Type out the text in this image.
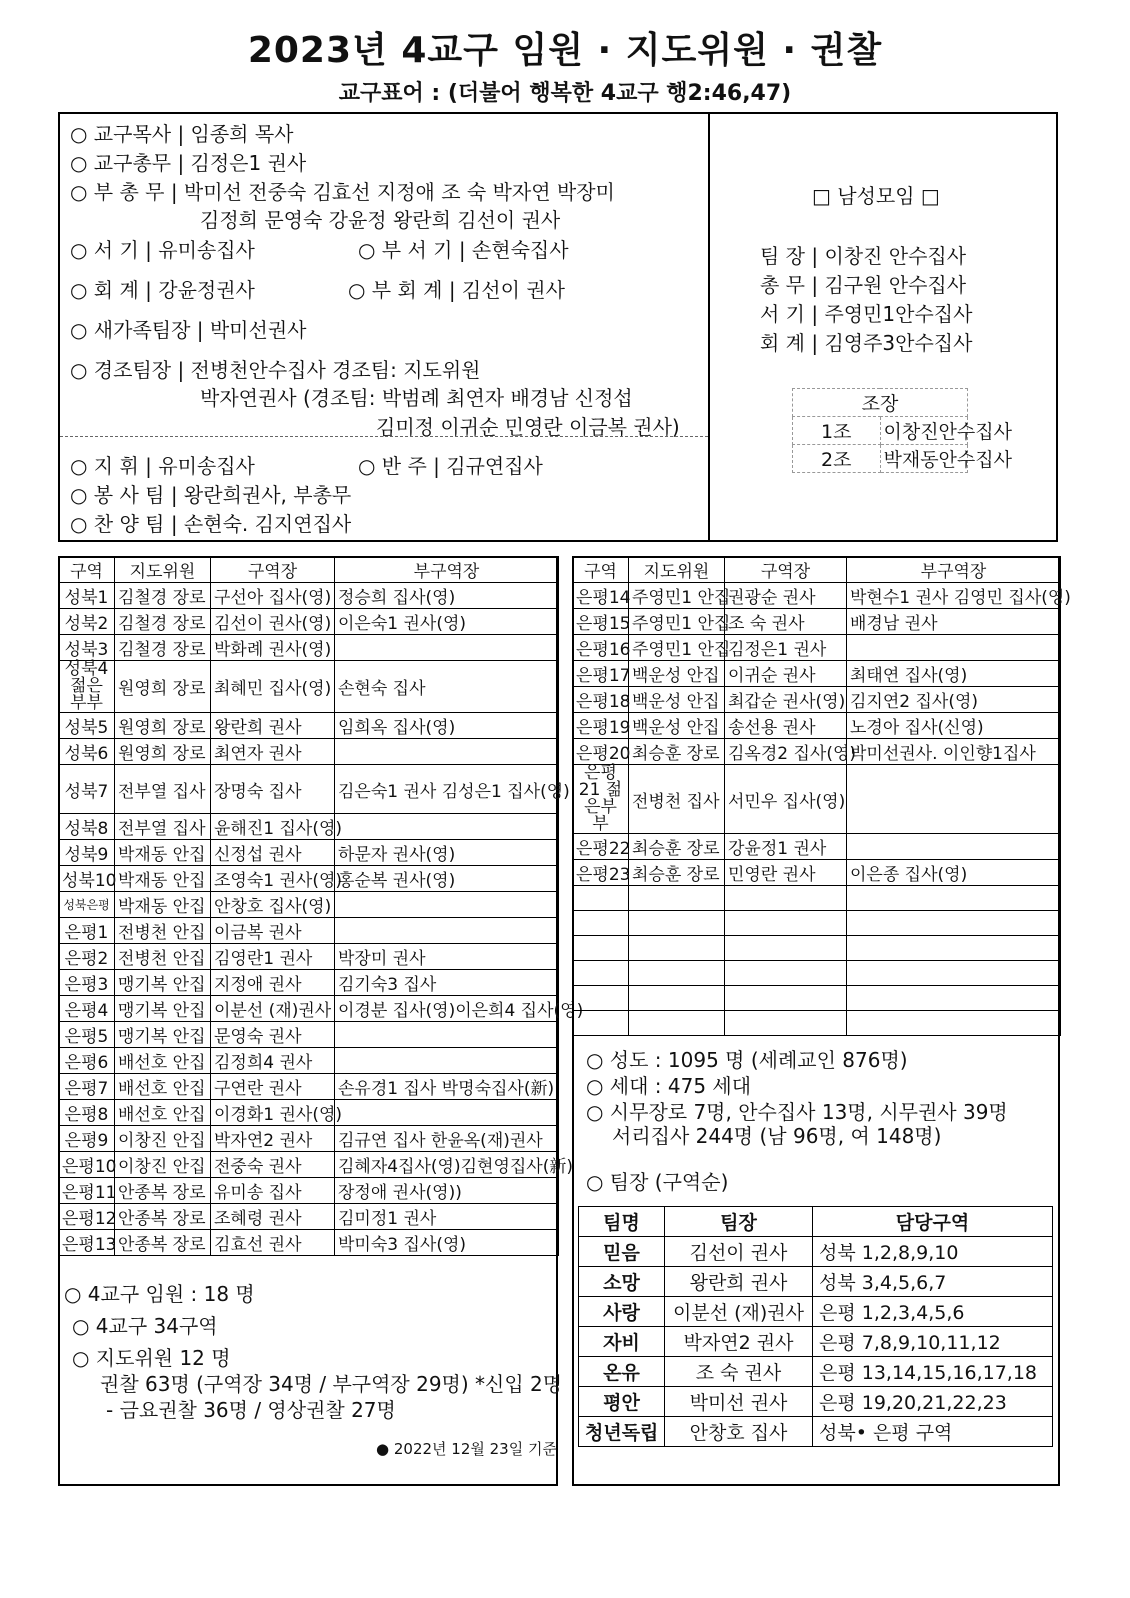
2023년 4교구 임원 · 지도위원 · 권찰
교구표어 : (더불어 행복한 4교구 행2:46,47)
○ 교구목사 | 임종희 목사
○ 교구총무 | 김정은1 권사
○ 부 총 무 | 박미선 전중숙 김효선 지정애 조 숙 박자연 박장미
김정희 문영숙 강윤정 왕란희 김선이 권사
○ 서 기 | 유미송집사	○ 부 서 기 | 손현숙집사
○ 회 계 | 강윤정권사	○ 부 회 계 | 김선이 권사
○ 새가족팀장 | 박미선권사
○ 경조팀장 | 전병천안수집사 경조팀: 지도위원
박자연권사 (경조팀: 박범례 최연자 배경남 신정섭
김미정 이귀순 민영란 이금복 권사)
○ 지 휘 | 유미송집사	○ 반 주 | 김규연집사
○ 봉 사 팀 | 왕란희권사, 부총무
○ 찬 양 팀 | 손현숙. 김지연집사
□ 남성모임 □
팀 장 | 이창진 안수집사
총 무 | 김구원 안수집사
서 기 | 주영민1안수집사
회 계 | 김영주3안수집사
조장	
1조	이창진안수집사
2조	박재동안수집사
○ 4교구 임원 : 18 명
○ 4교구 34구역
○ 지도위원 12 명
권찰 63명 (구역장 34명 / 부구역장 29명) *신입 2명
- 금요권찰 36명 / 영상권찰 27명
● 2022년 12월 23일 기준
구역	지도위원	구역장	부구역장
성북1	김철경 장로	구선아 집사(영)	정승희 집사(영)
성북2	김철경 장로	김선이 권사(영)	이은숙1 권사(영)
성북3	김철경 장로	박화례 권사(영)	
성북4 젊은부부	원영희 장로	최혜민 집사(영)	손현숙 집사
성북5	원영희 장로	왕란희 권사	임희옥 집사(영)
성북6	원영희 장로	최연자 권사	
성북7	전부열 집사	장명숙 집사	김은숙1 권사 김성은1 집사(영)
성북8	전부열 집사	윤해진1 집사(영)	
성북9	박재동 안집	신정섭 권사	하문자 권사(영)
성북10	박재동 안집	조영숙1 권사(영)	홍순복 권사(영)
성북은평	박재동 안집	안창호 집사(영)	
은평1	전병천 안집	이금복 권사	
은평2	전병천 안집	김영란1 권사	박장미 권사
은평3	맹기복 안집	지정애 권사	김기숙3 집사
은평4	맹기복 안집	이분선 (재)권사	이경분 집사(영)이은희4 집사(영)
은평5	맹기복 안집	문영숙 권사	
은평6	배선호 안집	김정희4 권사	
은평7	배선호 안집	구연란 권사	손유경1 집사 박명숙집사(新)
은평8	배선호 안집	이경화1 권사(영)	
은평9	이창진 안집	박자연2 권사	김규연 집사 한윤옥(재)권사
은평10	이창진 안집	전중숙 권사	김혜자4집사(영)김현영집사(新)
은평11	안종복 장로	유미송 집사	장정애 권사(영))
은평12	안종복 장로	조혜령 권사	김미정1 권사
은평13	안종복 장로	김효선 권사	박미숙3 집사(영)
○ 성도 : 1095 명 (세례교인 876명)
○ 세대 : 475 세대
○ 시무장로 7명, 안수집사 13명, 시무권사 39명
서리집사 244명 (남 96명, 여 148명)
○ 팀장 (구역순)
구역	지도위원	구역장	부구역장
은평14	주영민1 안집	권광순 권사	박현수1 권사 김영민 집사(영)
은평15	주영민1 안집	조 숙 권사	배경남 권사
은평16	주영민1 안집	김정은1 권사	
은평17	백운성 안집	이귀순 권사	최태연 집사(영)
은평18	백운성 안집	최갑순 권사(영)	김지연2 집사(영)
은평19	백운성 안집	송선용 권사	노경아 집사(신영)
은평20	최승훈 장로	김옥경2 집사(영)	박미선권사. 이인향1집사
은평21 젊은부부	전병천 집사	서민우 집사(영)	
은평22	최승훈 장로	강윤정1 권사	
은평23	최승훈 장로	민영란 권사	이은종 집사(영)

팀명	팀장	담당구역
믿음	김선이 권사	성북 1,2,8,9,10
소망	왕란희 권사	성북 3,4,5,6,7
사랑	이분선 (재)권사	은평 1,2,3,4,5,6
자비	박자연2 권사	은평 7,8,9,10,11,12
온유	조 숙 권사	은평 13,14,15,16,17,18
평안	박미선 권사	은평 19,20,21,22,23
청년독립	안창호 집사	성북• 은평 구역
